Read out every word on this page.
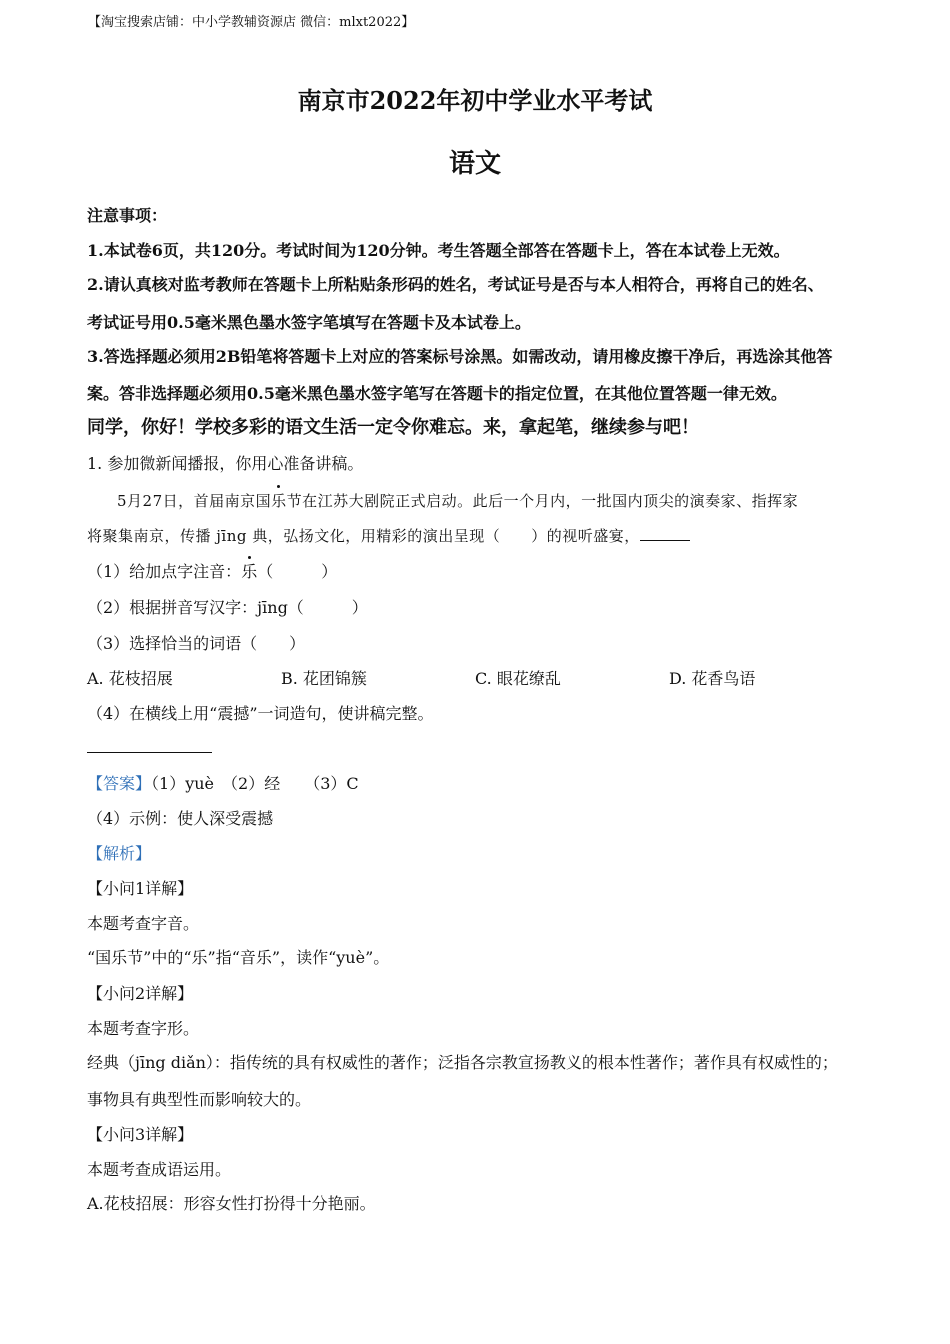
【淘宝搜索店铺：中小学教辅资源店 微信：mlxt2022】
南京市2022年初中学业水平考试
语文
注意事项：
1.本试卷6页，共120分。考试时间为120分钟。考生答题全部答在答题卡上，答在本试卷上无效。
2.请认真核对监考教师在答题卡上所粘贴条形码的姓名，考试证号是否与本人相符合，再将自己的姓名、
考试证号用0.5毫米黑色墨水签字笔填写在答题卡及本试卷上。
3.答选择题必须用2B铅笔将答题卡上对应的答案标号涂黑。如需改动，请用橡皮擦干净后，再选涂其他答
案。答非选择题必须用0.5毫米黑色墨水签字笔写在答题卡的指定位置，在其他位置答题一律无效。
同学，你好！学校多彩的语文生活一定令你难忘。来，拿起笔，继续参与吧！
1. 参加微新闻播报，你用心准备讲稿。
5月27日，首届南京国乐节在江苏大剧院正式启动。此后一个月内，一批国内顶尖的演奏家、指挥家
将聚集南京，传播 jīng 典，弘扬文化，用精彩的演出呈现（　　）的视听盛宴，
（1）给加点字注音：乐（　　　）
（2）根据拼音写汉字：jīng（　　　）
（3）选择恰当的词语（　　）
A. 花枝招展	B. 花团锦簇	C. 眼花缭乱	D. 花香鸟语
（4）在横线上用“震撼”一词造句，使讲稿完整。
【答案】（1）yuè　（2）经　　（3）C
（4）示例：使人深受震撼
【解析】
【小问1详解】
本题考查字音。
“国乐节”中的“乐”指“音乐”，读作“yuè”。
【小问2详解】
本题考查字形。
经典（jīng diǎn）：指传统的具有权威性的著作；泛指各宗教宣扬教义的根本性著作；著作具有权威性的；
事物具有典型性而影响较大的。
【小问3详解】
本题考查成语运用。
A.花枝招展：形容女性打扮得十分艳丽。
